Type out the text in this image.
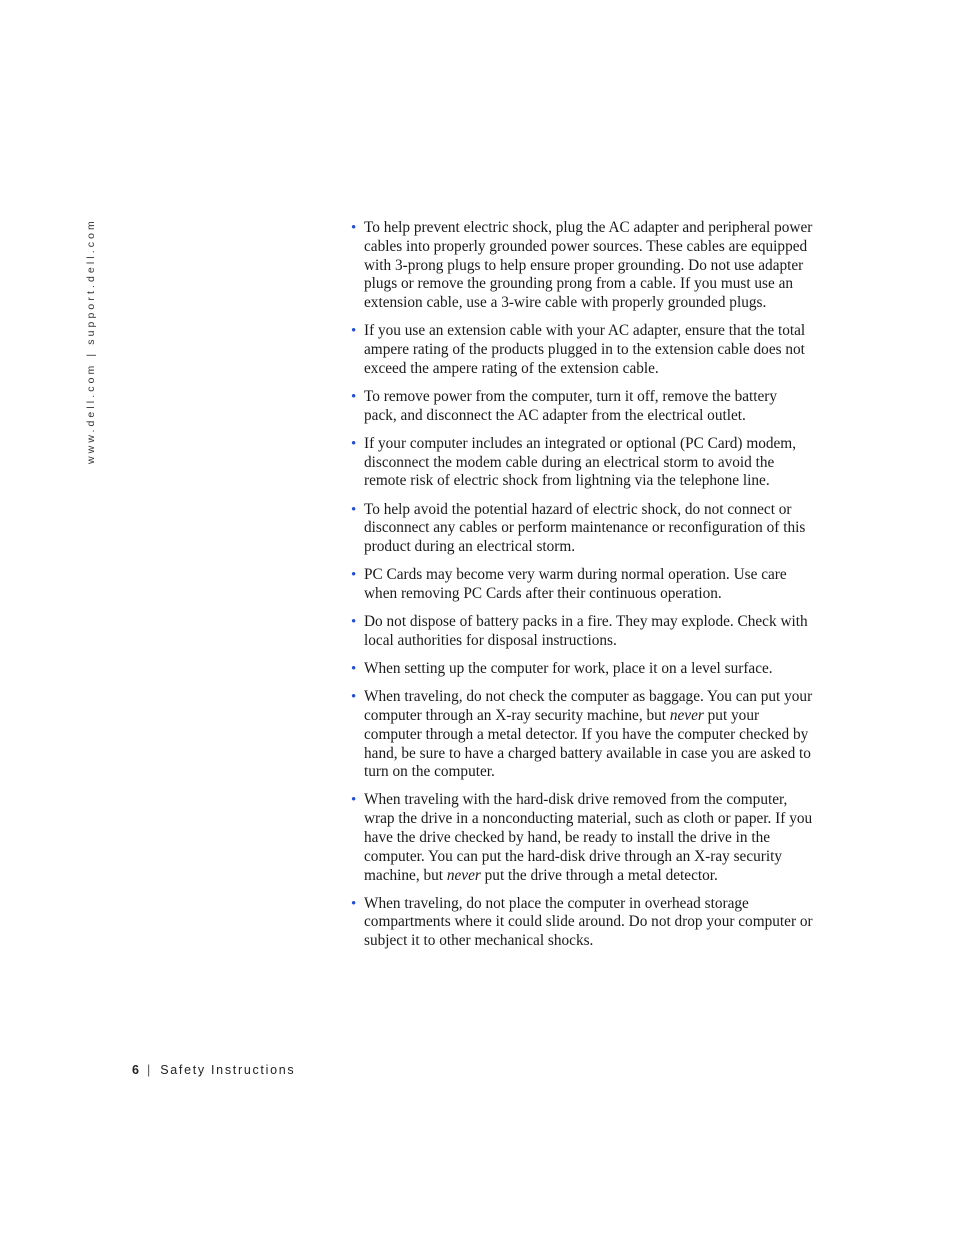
www.dell.com | support.dell.com	• To help prevent electric shock, plug the AC adapter and peripheral power cables into properly grounded power sources. These cables are equipped with 3-prong plugs to help ensure proper grounding. Do not use adapter plugs or remove the grounding prong from a cable. If you must use an extension cable, use a 3-wire cable with properly grounded plugs.
• If you use an extension cable with your AC adapter, ensure that the total ampere rating of the products plugged in to the extension cable does not exceed the ampere rating of the extension cable.
• To remove power from the computer, turn it off, remove the battery pack, and disconnect the AC adapter from the electrical outlet.
• If your computer includes an integrated or optional (PC Card) modem, disconnect the modem cable during an electrical storm to avoid the remote risk of electric shock from lightning via the telephone line.
• To help avoid the potential hazard of electric shock, do not connect or disconnect any cables or perform maintenance or reconfiguration of this product during an electrical storm.
• PC Cards may become very warm during normal operation. Use care when removing PC Cards after their continuous operation.
• Do not dispose of battery packs in a fire. They may explode. Check with local authorities for disposal instructions.
• When setting up the computer for work, place it on a level surface.
• When traveling, do not check the computer as baggage. You can put your computer through an X-ray security machine, but never put your computer through a metal detector. If you have the computer checked by hand, be sure to have a charged battery available in case you are asked to turn on the computer.
• When traveling with the hard-disk drive removed from the computer, wrap the drive in a nonconducting material, such as cloth or paper. If you have the drive checked by hand, be ready to install the drive in the computer. You can put the hard-disk drive through an X-ray security machine, but never put the drive through a metal detector.
• When traveling, do not place the computer in overhead storage compartments where it could slide around. Do not drop your computer or subject it to other mechanical shocks.
6 | Safety Instructions
